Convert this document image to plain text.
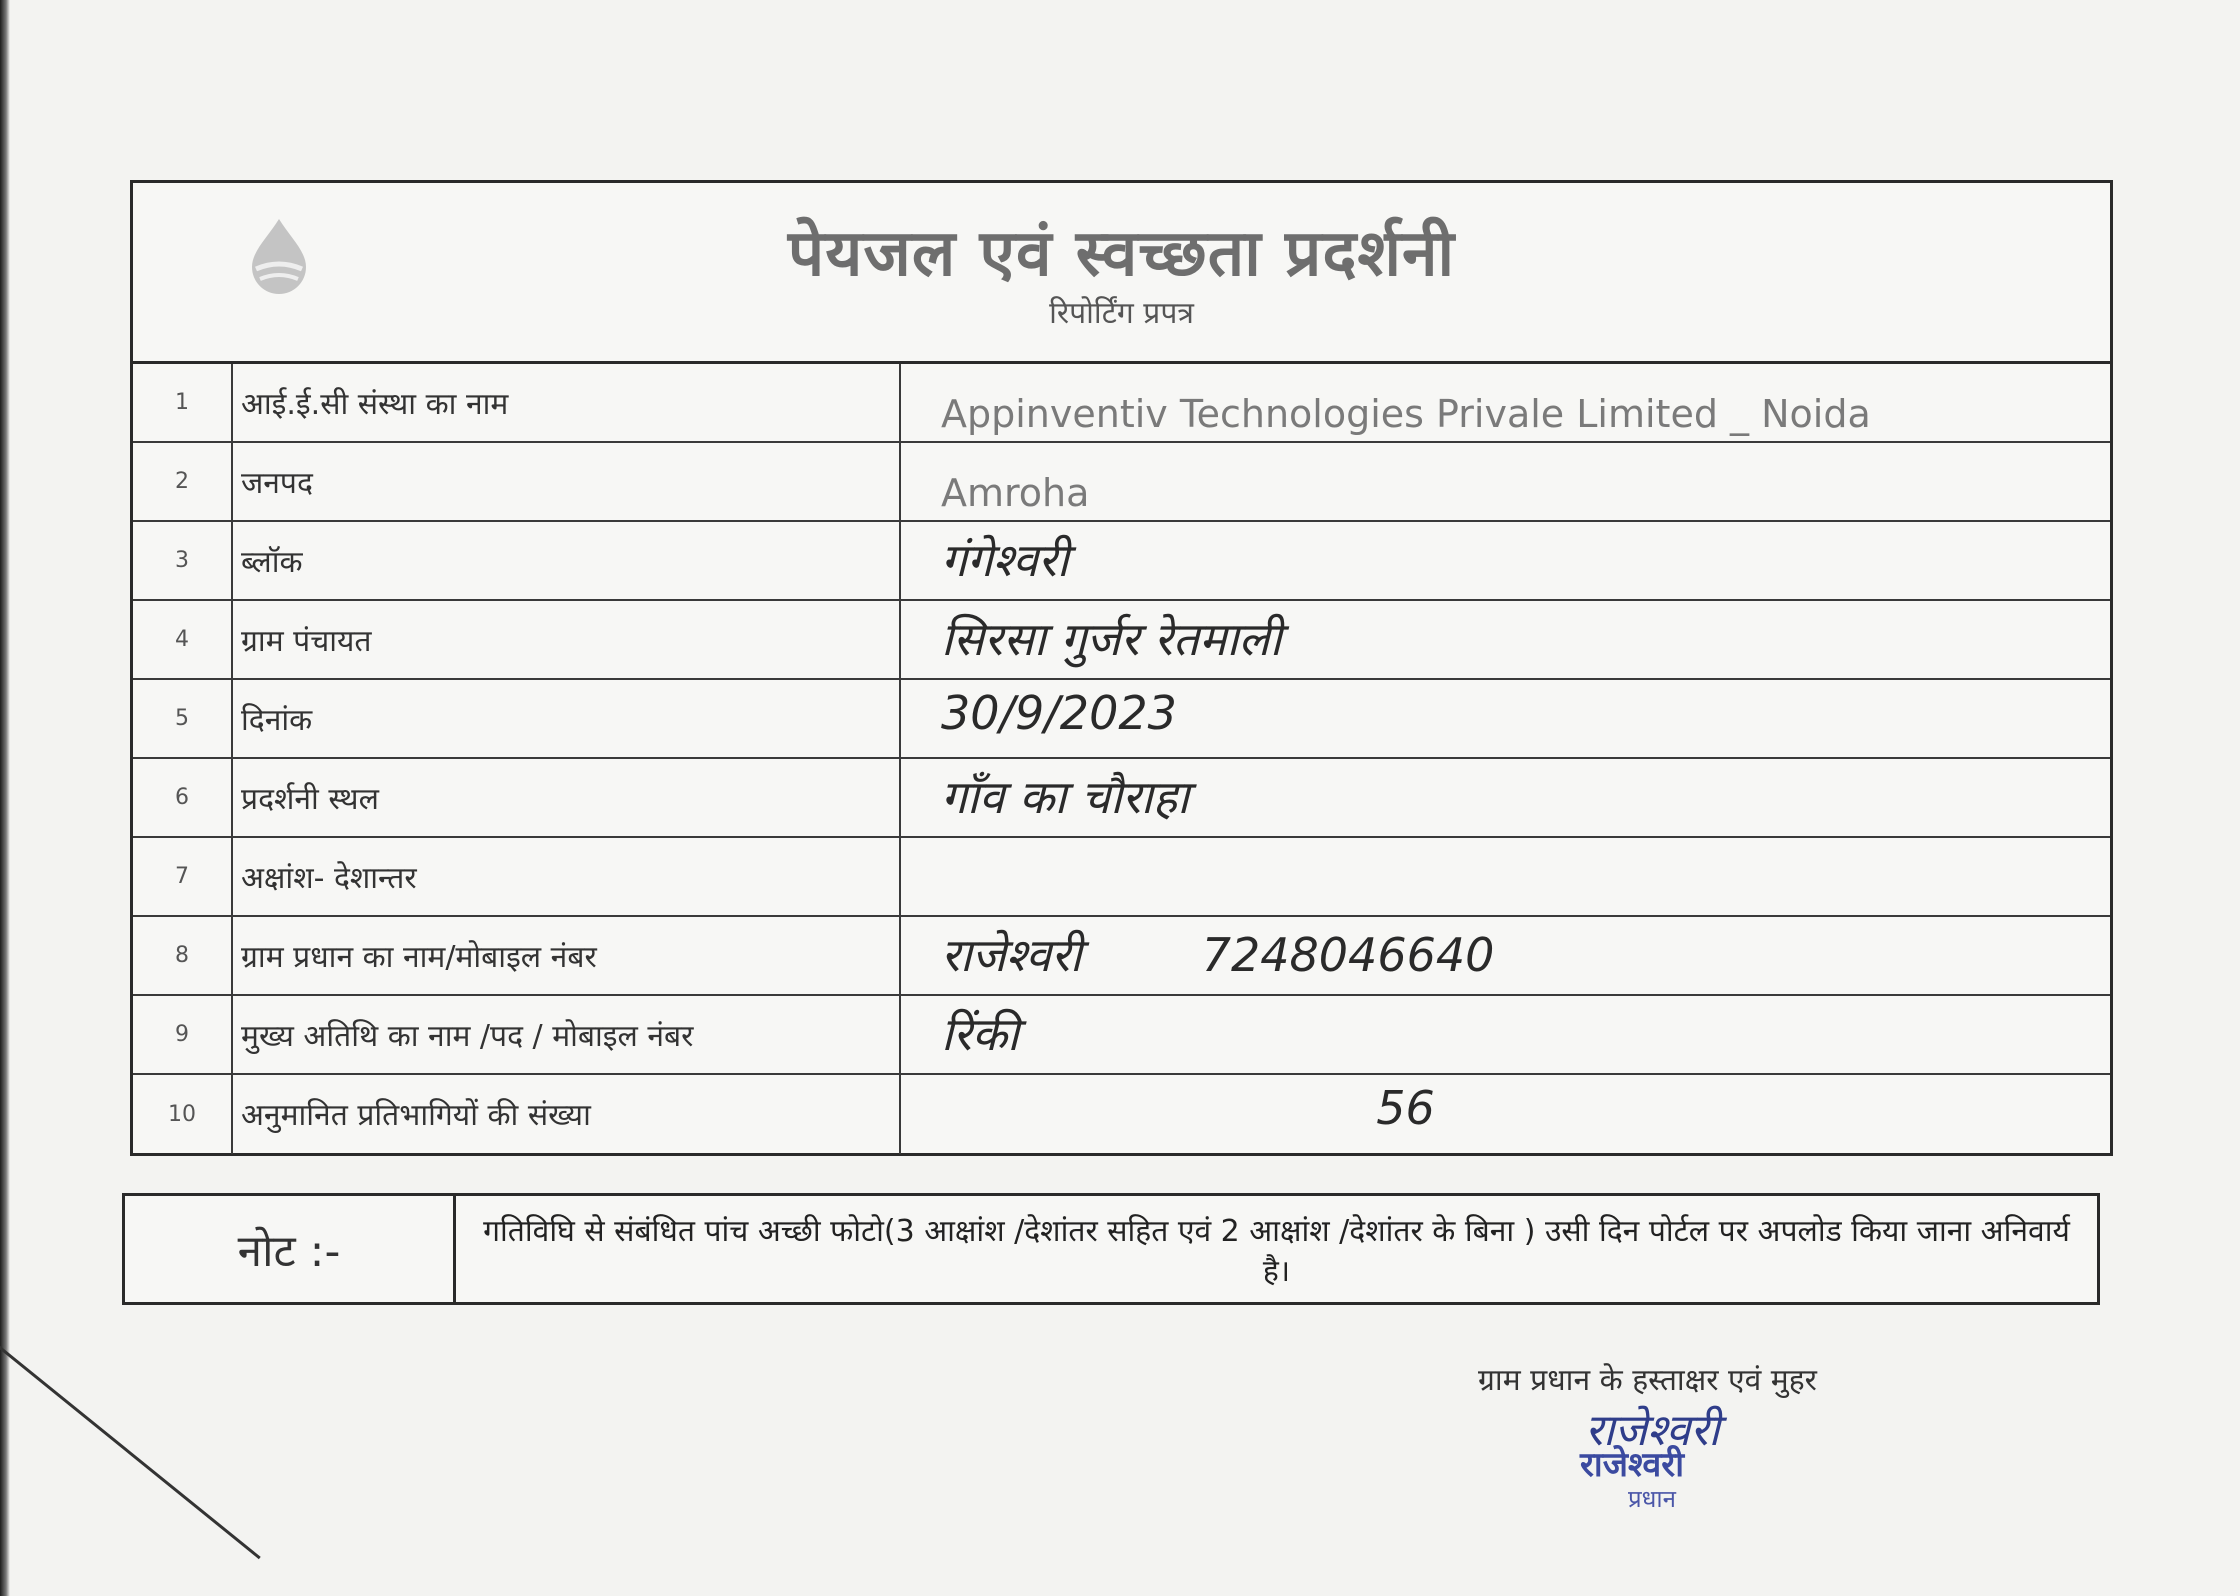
पेयजल एवं स्वच्छता प्रदर्शनी
रिपोर्टिंग प्रपत्र
1	आई.ई.सी संस्था का नाम	Appinventiv Technologies Privale Limited _ Noida
2	जनपद	Amroha
3	ब्लॉक	गंगेश्वरी
4	ग्राम पंचायत	सिरसा गुर्जर रेतमाली
5	दिनांक	30/9/2023
6	प्रदर्शनी स्थल	गाँव का चौराहा
7	अक्षांश- देशान्तर
8	ग्राम प्रधान का नाम/मोबाइल नंबर	राजेश्वरी	7248046640
9	मुख्य अतिथि का नाम /पद / मोबाइल नंबर	रिंकी
10	अनुमानित प्रतिभागियों की संख्या	56
नोट :-	गतिविघि से संबंधित पांच अच्छी फोटो(3 आक्षांश /देशांतर सहित एवं 2 आक्षांश /देशांतर के बिना ) उसी दिन पोर्टल पर अपलोड किया जाना अनिवार्य है।
ग्राम प्रधान के हस्ताक्षर एवं मुहर
राजेश्वरी
राजेश्वरी
प्रधान
